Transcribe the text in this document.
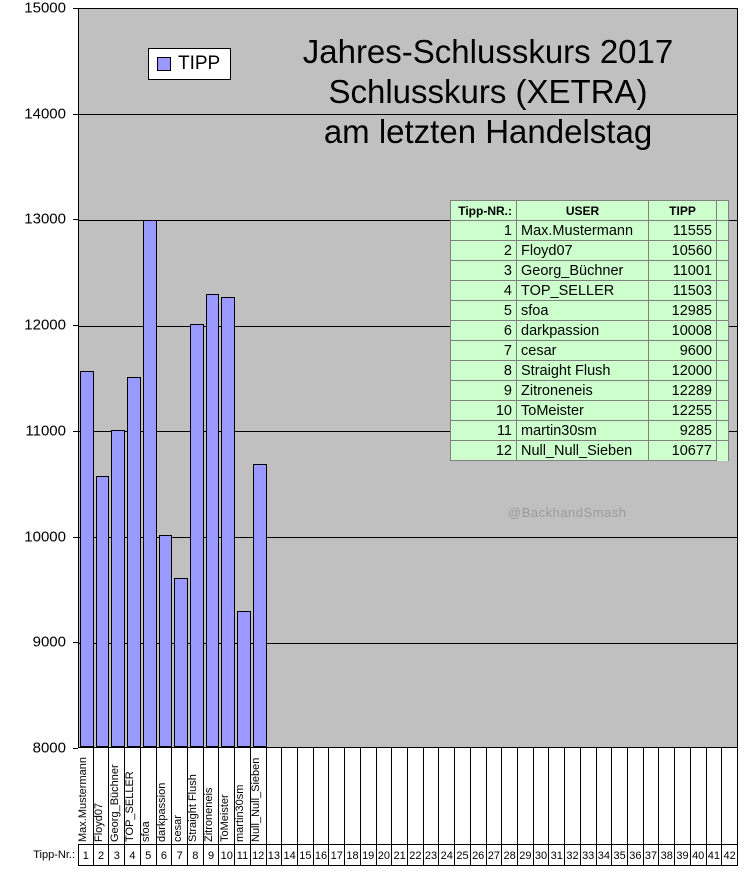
8000
9000
10000
11000
12000
13000
14000
15000
Max.Mustermann Floyd07 Georg_Büchner TOP_SELLER sfoa darkpassion cesar Straight Flush Zitroneneis ToMeister martin30sm Null_Null_Sieben
Tipp-Nr.: 1 2 3 4 5 6 7 8 9 10 11 12 13 14 15 16 17 18 19 20 21 22 23 24 25 26 27 28 29 30 31 32 33 34 35 36 37 38 39 40 41 42
Jahres-Schlusskurs 2017
Schlusskurs (XETRA)
am letzten Handelstag
TIPP
Tipp-NR.:	USER	TIPP	
1	Max.Mustermann	11555	
2	Floyd07	10560	
3	Georg_Büchner	11001	
4	TOP_SELLER	11503	
5	sfoa	12985	
6	darkpassion	10008	
7	cesar	9600	
8	Straight Flush	12000	
9	Zitroneneis	12289	
10	ToMeister	12255	
11	martin30sm	9285	
12	Null_Null_Sieben	10677	
@BackhandSmash
